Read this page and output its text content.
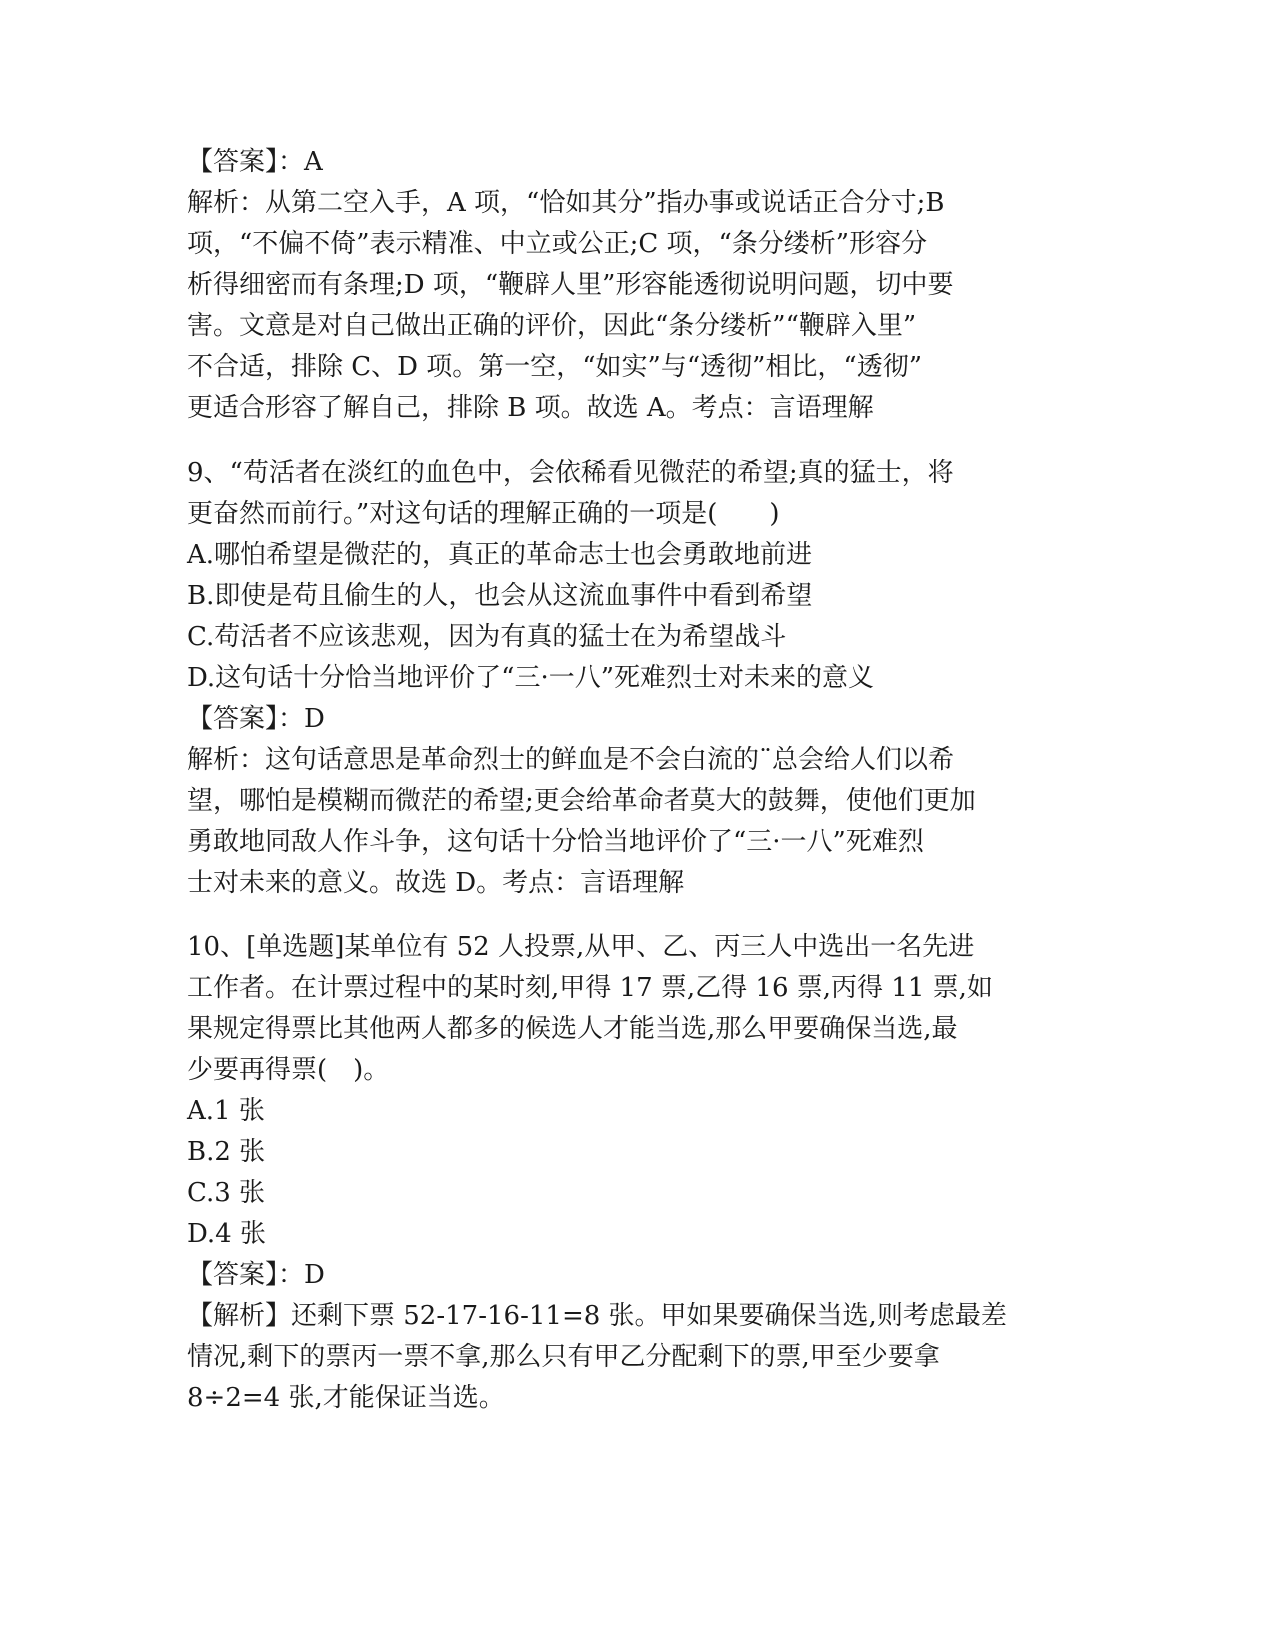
【答案】：A
解析：从第二空入手，A 项，“恰如其分”指办事或说话正合分寸;B
项，“不偏不倚”表示精准、中立或公正;C 项，“条分缕析”形容分
析得细密而有条理;D 项，“鞭辟人里”形容能透彻说明问题，切中要
害。文意是对自己做出正确的评价，因此“条分缕析”“鞭辟入里”
不合适，排除 C、D 项。第一空，“如实”与“透彻”相比，“透彻”
更适合形容了解自己，排除 B 项。故选 A。考点：言语理解
9、“苟活者在淡红的血色中，会依稀看见微茫的希望;真的猛士，将
更奋然而前行。”对这句话的理解正确的一项是(　　)
A.哪怕希望是微茫的，真正的革命志士也会勇敢地前进
B.即使是苟且偷生的人，也会从这流血事件中看到希望
C.苟活者不应该悲观，因为有真的猛士在为希望战斗
D.这句话十分恰当地评价了“三·一八”死难烈士对未来的意义
【答案】：D
解析：这句话意思是革命烈士的鲜血是不会白流的¨总会给人们以希
望，哪怕是模糊而微茫的希望;更会给革命者莫大的鼓舞，使他们更加
勇敢地同敌人作斗争，这句话十分恰当地评价了“三·一八”死难烈
士对未来的意义。故选 D。考点：言语理解
10、[单选题]某单位有 52 人投票,从甲、乙、丙三人中选出一名先进
工作者。在计票过程中的某时刻,甲得 17 票,乙得 16 票,丙得 11 票,如
果规定得票比其他两人都多的候选人才能当选,那么甲要确保当选,最
少要再得票(　)。
A.1 张
B.2 张
C.3 张
D.4 张
【答案】：D
【解析】还剩下票 52-17-16-11=8 张。甲如果要确保当选,则考虑最差
情况,剩下的票丙一票不拿,那么只有甲乙分配剩下的票,甲至少要拿
8÷2=4 张,才能保证当选。
